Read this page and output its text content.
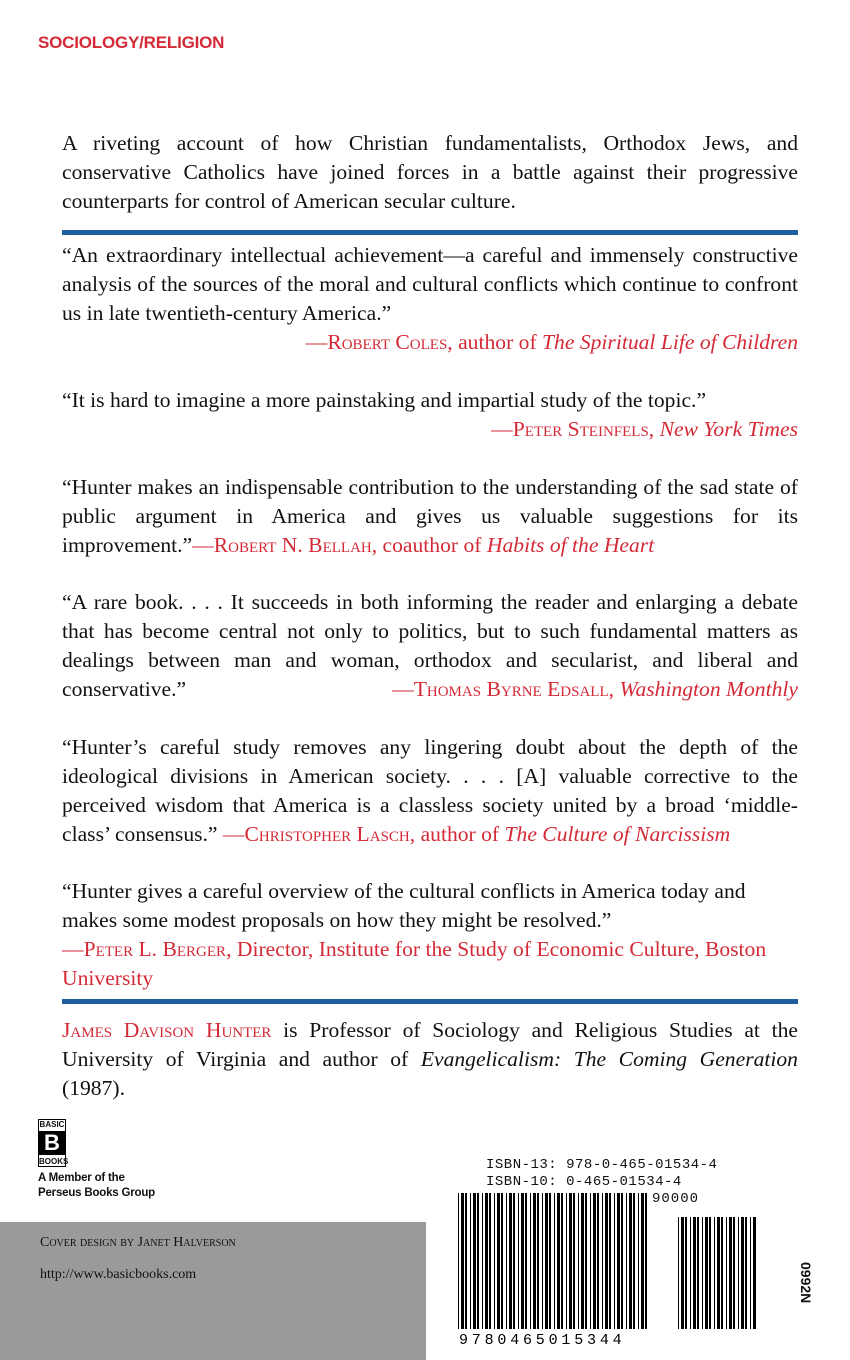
SOCIOLOGY/RELIGION
A riveting account of how Christian fundamentalists, Orthodox Jews, and conservative Catholics have joined forces in a battle against their progressive counterparts for control of American secular culture.
“An extraordinary intellectual achievement—a careful and immensely constructive analysis of the sources of the moral and cultural conflicts which continue to confront us in late twentieth-century America.”
—Robert Coles, author of The Spiritual Life of Children
“It is hard to imagine a more painstaking and impartial study of the topic.”
—Peter Steinfels, New York Times
“Hunter makes an indispensable contribution to the understanding of the sad state of public argument in America and gives us valuable suggestions for its improvement.”—Robert N. Bellah, coauthor of Habits of the Heart
“A rare book. . . . It succeeds in both informing the reader and enlarging a debate that has become central not only to politics, but to such fundamental matters as dealings between man and woman, orthodox and secularist, and liberal and conservative.”	—Thomas Byrne Edsall, Washington Monthly
“Hunter’s careful study removes any lingering doubt about the depth of the ideological divisions in American society. . . . [A] valuable corrective to the perceived wisdom that America is a classless society united by a broad ‘middle-class’ consensus.” —Christopher Lasch, author of The Culture of Narcissism
“Hunter gives a careful overview of the cultural conflicts in America today and makes some modest proposals on how they might be resolved.”
—Peter L. Berger, Director, Institute for the Study of Economic Culture, Boston University
James Davison Hunter is Professor of Sociology and Religious Studies at the University of Virginia and author of Evangelicalism: The Coming Generation (1987).
BASIC
B
BOOKS
A Member of the
Perseus Books Group
Cover design by Janet Halverson
http://www.basicbooks.com
ISBN-13: 978-0-465-01534-4
ISBN-10: 0-465-01534-4
90000
9780465015344
0992N
